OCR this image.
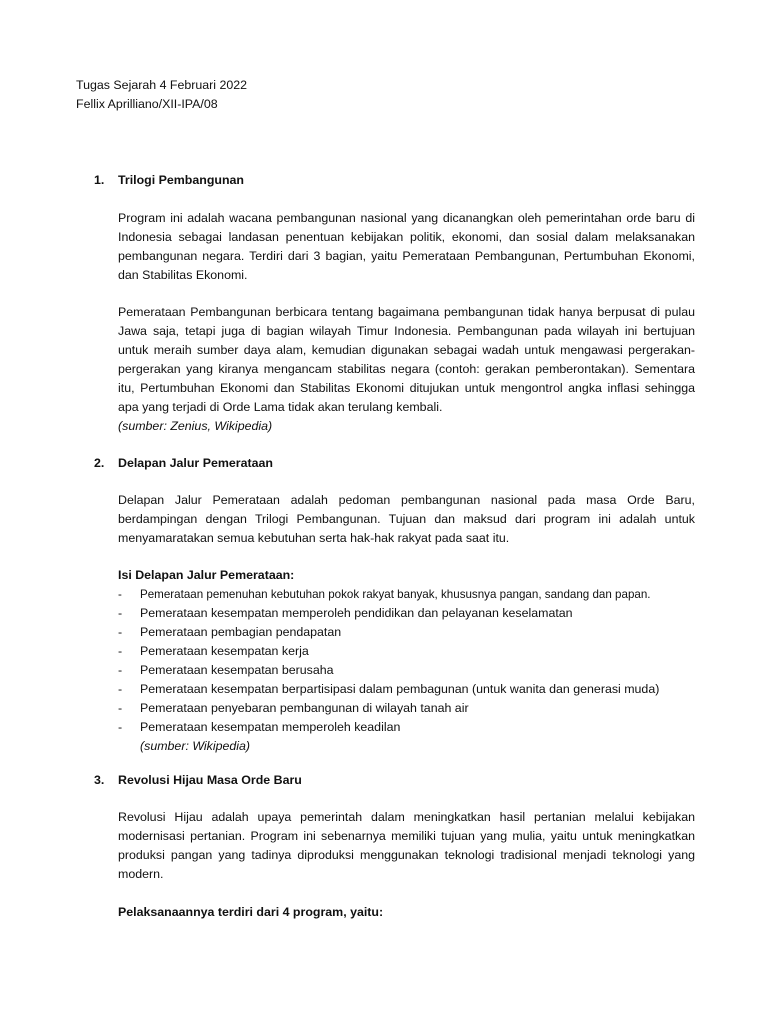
Tugas Sejarah 4 Februari 2022
Fellix Aprilliano/XII-IPA/08
1. Trilogi Pembangunan

Program ini adalah wacana pembangunan nasional yang dicanangkan oleh pemerintahan orde baru di Indonesia sebagai landasan penentuan kebijakan politik, ekonomi, dan sosial dalam melaksanakan pembangunan negara. Terdiri dari 3 bagian, yaitu Pemerataan Pembangunan, Pertumbuhan Ekonomi, dan Stabilitas Ekonomi.

Pemerataan Pembangunan berbicara tentang bagaimana pembangunan tidak hanya berpusat di pulau Jawa saja, tetapi juga di bagian wilayah Timur Indonesia. Pembangunan pada wilayah ini bertujuan untuk meraih sumber daya alam, kemudian digunakan sebagai wadah untuk mengawasi pergerakan-pergerakan yang kiranya mengancam stabilitas negara (contoh: gerakan pemberontakan). Sementara itu, Pertumbuhan Ekonomi dan Stabilitas Ekonomi ditujukan untuk mengontrol angka inflasi sehingga apa yang terjadi di Orde Lama tidak akan terulang kembali.

(sumber: Zenius, Wikipedia)

2. Delapan Jalur Pemerataan

Delapan Jalur Pemerataan adalah pedoman pembangunan nasional pada masa Orde Baru, berdampingan dengan Trilogi Pembangunan. Tujuan dan maksud dari program ini adalah untuk menyamaratakan semua kebutuhan serta hak-hak rakyat pada saat itu.

Isi Delapan Jalur Pemerataan:

- Pemerataan pemenuhan kebutuhan pokok rakyat banyak, khususnya pangan, sandang dan papan.
- Pemerataan kesempatan memperoleh pendidikan dan pelayanan keselamatan
- Pemerataan pembagian pendapatan
- Pemerataan kesempatan kerja
- Pemerataan kesempatan berusaha
- Pemerataan kesempatan berpartisipasi dalam pembagunan (untuk wanita dan generasi muda)
- Pemerataan penyebaran pembangunan di wilayah tanah air
- Pemerataan kesempatan memperoleh keadilan

(sumber: Wikipedia)

3. Revolusi Hijau Masa Orde Baru

Revolusi Hijau adalah upaya pemerintah dalam meningkatkan hasil pertanian melalui kebijakan modernisasi pertanian. Program ini sebenarnya memiliki tujuan yang mulia, yaitu untuk meningkatkan produksi pangan yang tadinya diproduksi menggunakan teknologi tradisional menjadi teknologi yang modern.

Pelaksanaannya terdiri dari 4 program, yaitu:
